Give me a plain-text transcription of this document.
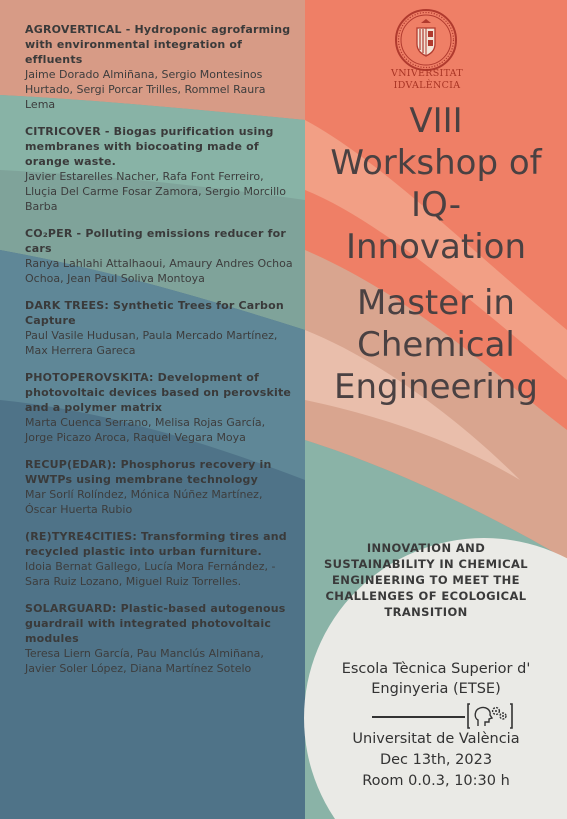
AGROVERTICAL - Hydroponic agrofarming with environmental integration of effluents
Jaime Dorado Almiñana, Sergio Montesinos Hurtado, Sergi Porcar Trilles, Rommel Raura Lema
CITRICOVER - Biogas purification using membranes with biocoating made of orange waste.
Javier Estarelles Nacher, Rafa Font Ferreiro, Lluçia Del Carme Fosar Zamora, Sergio Morcillo Barba
CO₂PER - Polluting emissions reducer for cars
Ranya Lahlahi Attalhaoui, Amaury Andres Ochoa Ochoa, Jean Paul Soliva Montoya
DARK TREES: Synthetic Trees for Carbon Capture
Paul Vasile Hudusan, Paula Mercado Martínez, Max Herrera Gareca
PHOTOPEROVSKITA: Development of photovoltaic devices based on perovskite and a polymer matrix
Marta Cuenca Serrano, Melisa Rojas García, Jorge Picazo Aroca, Raquel Vegara Moya
RECUP(EDAR): Phosphorus recovery in WWTPs using membrane technology
Mar Sorlí Rolíndez, Mónica Núñez Martínez, Óscar Huerta Rubio
(RE)TYRE4CITIES: Transforming tires and recycled plastic into urban furniture.
Idoia Bernat Gallego, Lucía Mora Fernández, - Sara Ruiz Lozano, Miguel Ruiz Torrelles.
SOLARGUARD: Plastic-based autogenous guardrail with integrated photovoltaic modules
Teresa Liern García, Pau Manclús Almiñana, Javier Soler López, Diana Martínez Sotelo
VNIVERSITAT
IDVALÈNCIA
VIII
Workshop of
IQ-
Innovation
Master in
Chemical
Engineering
INNOVATION AND SUSTAINABILITY IN CHEMICAL ENGINEERING TO MEET THE CHALLENGES OF ECOLOGICAL TRANSITION
Escola Tècnica Superior d'
Enginyeria (ETSE)
Universitat de València
Dec 13th, 2023
Room 0.0.3, 10:30 h
